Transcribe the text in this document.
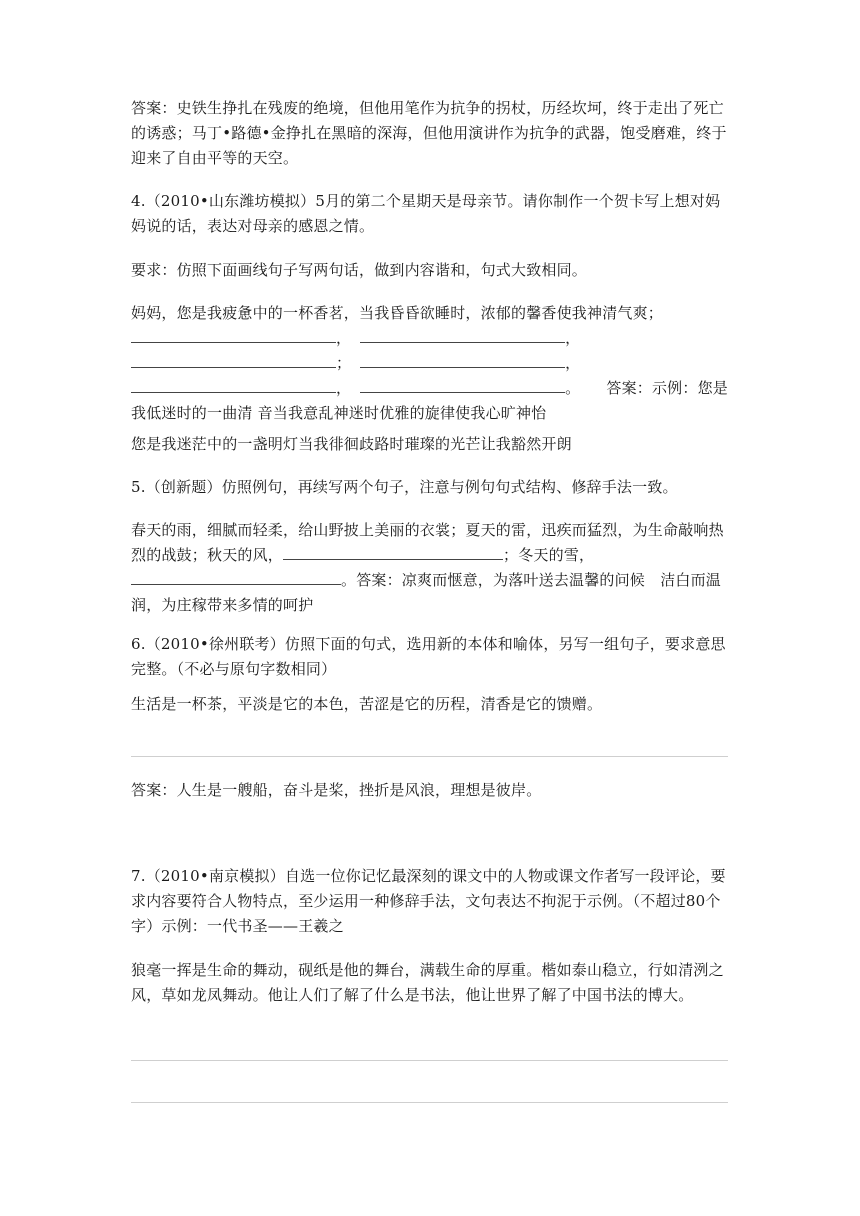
答案：史铁生挣扎在残废的绝境，但他用笔作为抗争的拐杖，历经坎坷，终于走出了死亡的诱惑；马丁•路德•金挣扎在黑暗的深海，但他用演讲作为抗争的武器，饱受磨难，终于迎来了自由平等的天空。

4.（2010•山东潍坊模拟）5月的第二个星期天是母亲节。请你制作一个贺卡写上想对妈妈说的话，表达对母亲的感恩之情。

要求：仿照下面画线句子写两句话，做到内容谐和，句式大致相同。

妈妈，您是我疲惫中的一杯香茗，当我昏昏欲睡时，浓郁的馨香使我神清气爽；

，	，

；	，

，	。 答案：示例：您是我低迷时的一曲清 音当我意乱神迷时优雅的旋律使我心旷神怡

您是我迷茫中的一盏明灯当我徘徊歧路时璀璨的光芒让我豁然开朗

5.（创新题）仿照例句，再续写两个句子，注意与例句句式结构、修辞手法一致。

春天的雨，细腻而轻柔，给山野披上美丽的衣裳；夏天的雷，迅疾而猛烈，为生命敲响热烈的战鼓；秋天的风，	；冬天的雪，。答案：凉爽而惬意，为落叶送去温馨的问候　洁白而温润，为庄稼带来多情的呵护

6.（2010•徐州联考）仿照下面的句式，选用新的本体和喻体，另写一组句子，要求意思完整。（不必与原句字数相同）

生活是一杯茶，平淡是它的本色，苦涩是它的历程，清香是它的馈赠。

答案：人生是一艘船，奋斗是桨，挫折是风浪，理想是彼岸。

7.（2010•南京模拟）自选一位你记忆最深刻的课文中的人物或课文作者写一段评论，要求内容要符合人物特点，至少运用一种修辞手法，文句表达不拘泥于示例。（不超过80个字）示例：一代书圣——王羲之

狼毫一挥是生命的舞动，砚纸是他的舞台，满载生命的厚重。楷如泰山稳立，行如清洌之风，草如龙凤舞动。他让人们了解了什么是书法，他让世界了解了中国书法的博大。
